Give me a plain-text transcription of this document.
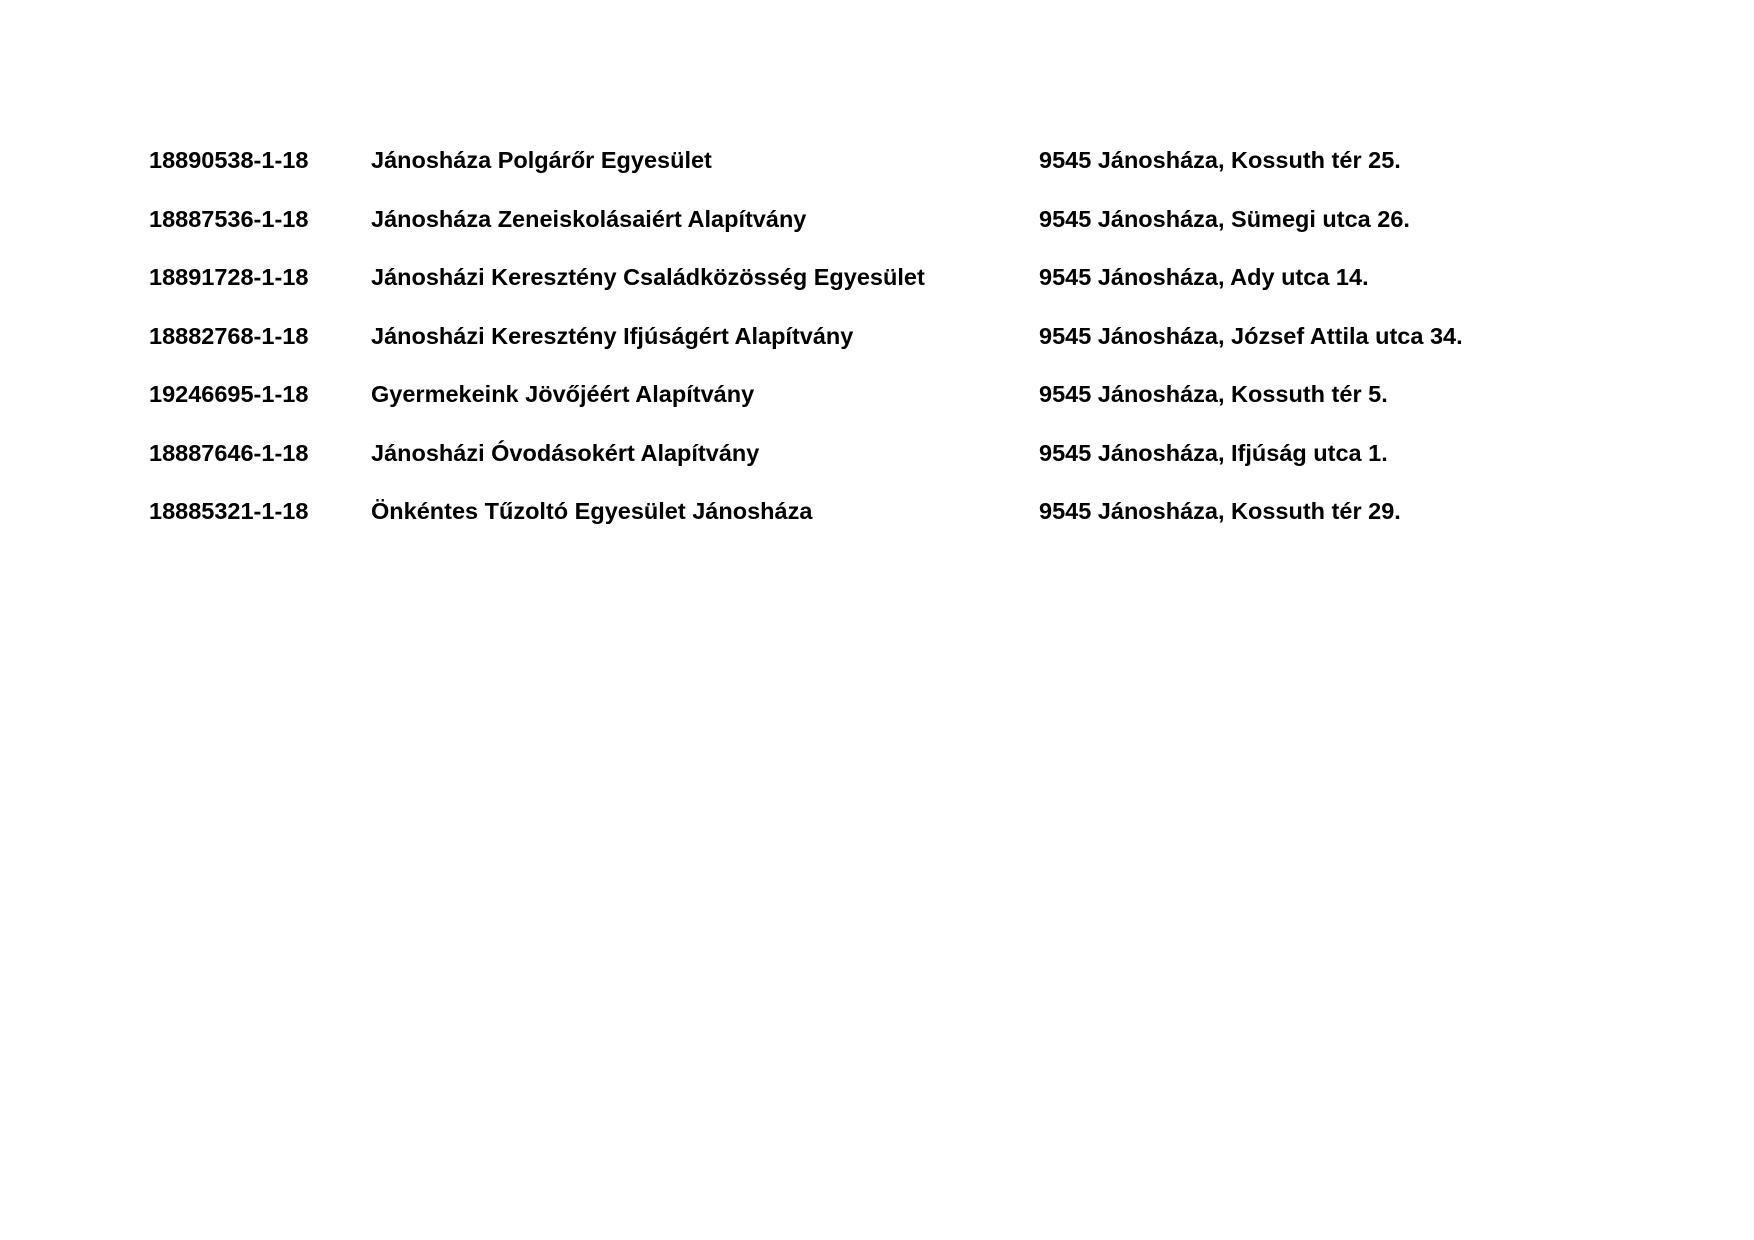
18890538-1-18	Jánosháza Polgárőr Egyesület	9545 Jánosháza, Kossuth tér 25.
18887536-1-18	Jánosháza Zeneiskolásaiért Alapítvány	9545 Jánosháza, Sümegi utca 26.
18891728-1-18	Jánosházi Keresztény Családközösség Egyesület	9545 Jánosháza, Ady utca 14.
18882768-1-18	Jánosházi Keresztény Ifjúságért Alapítvány	9545 Jánosháza, József Attila utca 34.
19246695-1-18	Gyermekeink Jövőjéért Alapítvány	9545 Jánosháza, Kossuth tér 5.
18887646-1-18	Jánosházi Óvodásokért Alapítvány	9545 Jánosháza, Ifjúság utca 1.
18885321-1-18	Önkéntes Tűzoltó Egyesület Jánosháza	9545 Jánosháza, Kossuth tér 29.
